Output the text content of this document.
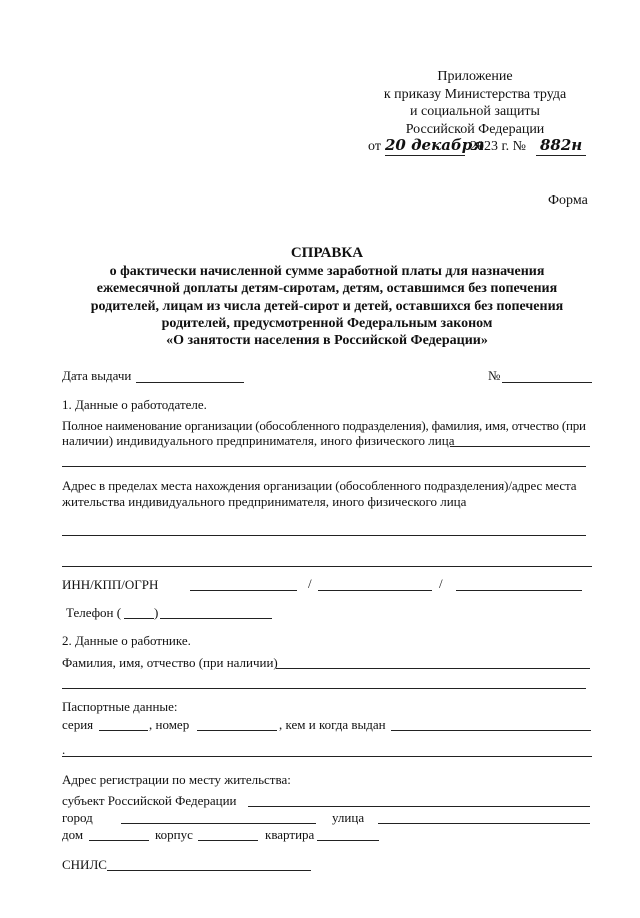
Приложение
к приказу Министерства труда
и социальной защиты
Российской Федерации
от 20 декабря
2023 г. № 882н
Форма
СПРАВКА
о фактически начисленной сумме заработной платы для назначения
ежемесячной доплаты детям-сиротам, детям, оставшимся без попечения
родителей, лицам из числа детей-сирот и детей, оставшихся без попечения
родителей, предусмотренной Федеральным законом
«О занятости населения в Российской Федерации»
Дата выдачи	№
1. Данные о работодателе.
Полное наименование организации (обособленного подразделения), фамилия, имя, отчество (при
наличии) индивидуального предпринимателя, иного физического лица
Адрес в пределах места нахождения организации (обособленного подразделения)/адрес места
жительства индивидуального предпринимателя, иного физического лица
ИНН/КПП/ОГРН	/	/
Телефон (	)
2. Данные о работнике.
Фамилия, имя, отчество (при наличии)
Паспортные данные:
серия	, номер	, кем и когда выдан
.
Адрес регистрации по месту жительства:
субъект Российской Федерации
город	улица
дом	корпус	квартира
СНИЛС
